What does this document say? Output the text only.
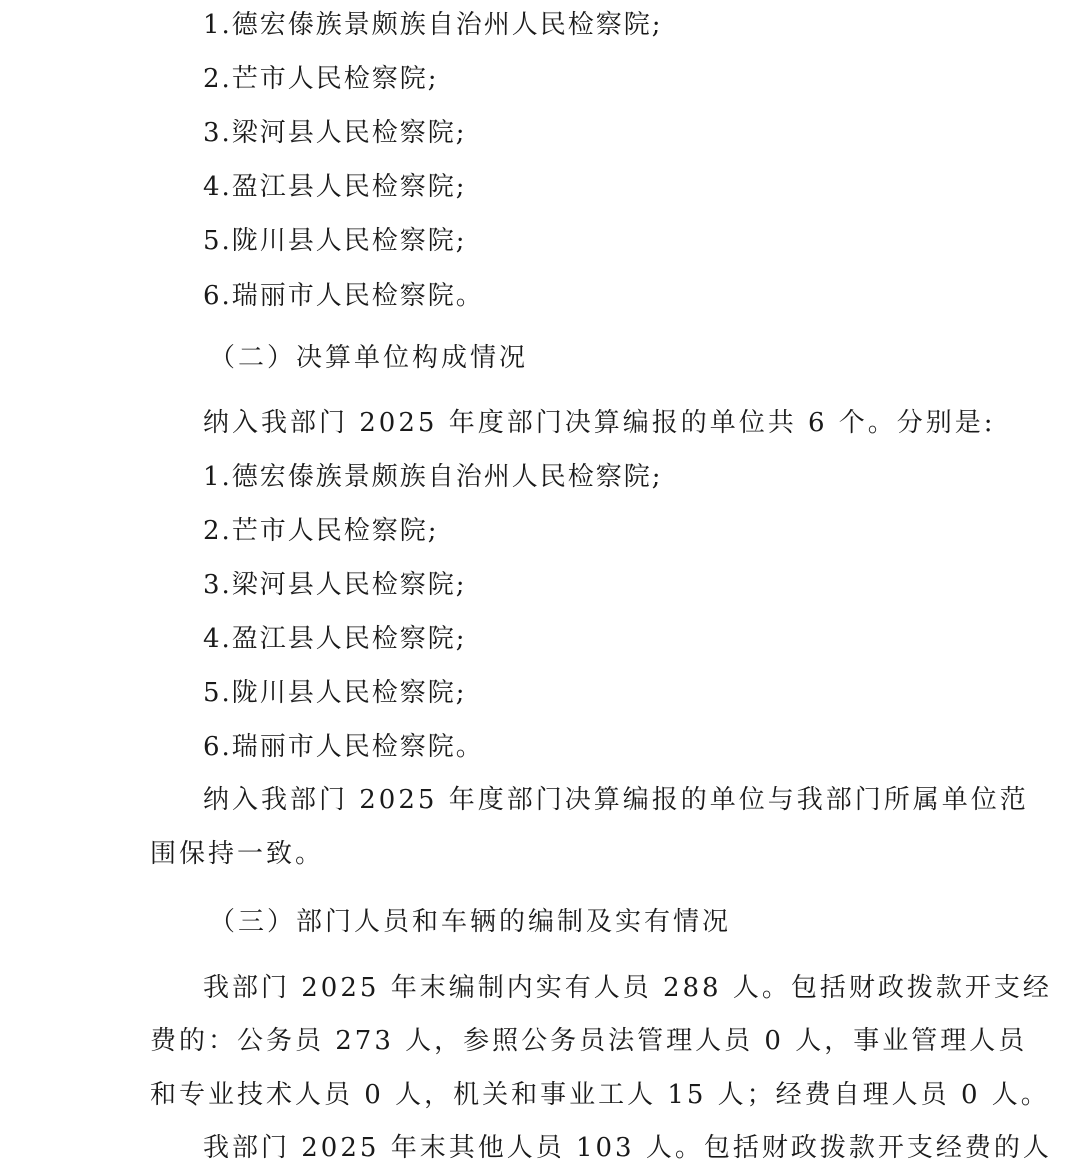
1.德宏傣族景颇族自治州人民检察院;
2.芒市人民检察院;
3.梁河县人民检察院;
4.盈江县人民检察院;
5.陇川县人民检察院;
6.瑞丽市人民检察院。
（二）决算单位构成情况
纳入我部门 2025 年度部门决算编报的单位共 6 个。分别是:
1.德宏傣族景颇族自治州人民检察院;
2.芒市人民检察院;
3.梁河县人民检察院;
4.盈江县人民检察院;
5.陇川县人民检察院;
6.瑞丽市人民检察院。
纳入我部门 2025 年度部门决算编报的单位与我部门所属单位范
围保持一致。
（三）部门人员和车辆的编制及实有情况
我部门 2025 年末编制内实有人员 288 人。包括财政拨款开支经
费的：公务员 273 人，参照公务员法管理人员 0 人，事业管理人员
和专业技术人员 0 人，机关和事业工人 15 人；经费自理人员 0 人。
我部门 2025 年末其他人员 103 人。包括财政拨款开支经费的人
